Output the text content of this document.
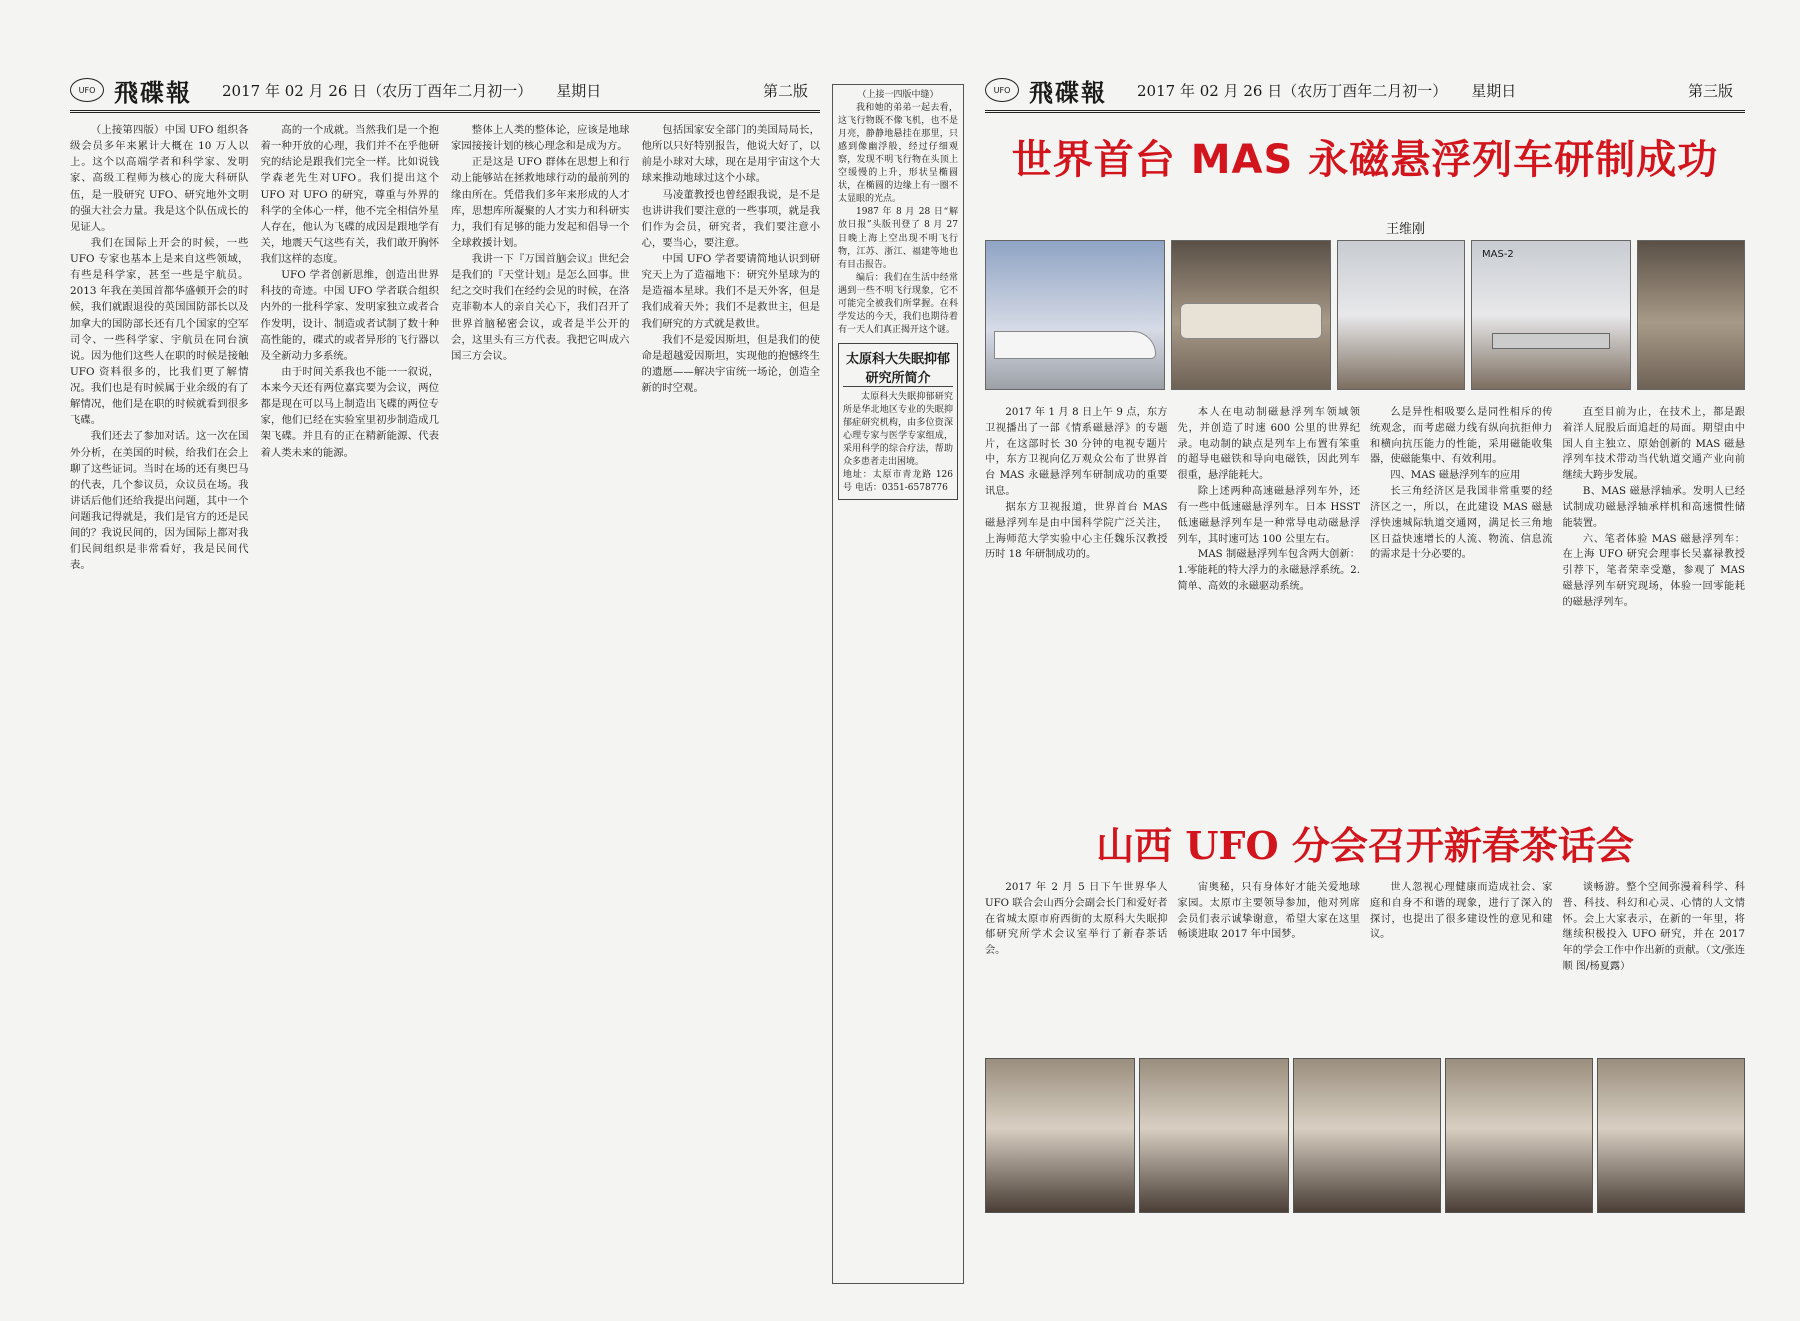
UFO 飛碟報 2017 年 02 月 26 日（农历丁酉年二月初一） 星期日	第二版

（上接第四版）中国 UFO 组织各级会员多年来累计大概在 10 万人以上。这个以高端学者和科学家、发明家、高级工程师为核心的庞大科研队伍，是一股研究 UFO、研究地外文明的强大社会力量。我是这个队伍成长的见证人。

我们在国际上开会的时候，一些 UFO 专家也基本上是来自这些领域，有些是科学家，甚至一些是宇航员。2013 年我在美国首都华盛顿开会的时候，我们就跟退役的英国国防部长以及加拿大的国防部长还有几个国家的空军司令、一些科学家、宇航员在同台演说。因为他们这些人在职的时候是接触 UFO 资料很多的，比我们更了解情况。我们也是有时候属于业余级的有了解情况，他们是在职的时候就看到很多飞碟。

我们还去了参加对话。这一次在国外分析，在美国的时候，给我们在会上聊了这些证词。当时在场的还有奥巴马的代表，几个参议员，众议员在场。我讲话后他们还给我提出问题，其中一个问题我记得就是，我们是官方的还是民间的？我说民间的，因为国际上都对我们民间组织是非常看好，我是民间代表。

高的一个成就。当然我们是一个抱着一种开放的心理，我们并不在乎他研究的结论是跟我们完全一样。比如说钱学森老先生对UFO。我们提出这个 UFO 对 UFO 的研究，尊重与外界的科学的全体心一样，他不完全相信外星人存在，他认为飞碟的成因是跟地学有关，地震天气这些有关，我们敢开胸怀我们这样的态度。

UFO 学者创新思维，创造出世界科技的奇迹。中国 UFO 学者联合组织内外的一批科学家、发明家独立或者合作发明，设计、制造或者试制了数十种高性能的，碟式的或者异形的飞行器以及全新动力多系统。

由于时间关系我也不能一一叙说，本来今天还有两位嘉宾要为会议，两位都是现在可以马上制造出飞碟的两位专家，他们已经在实验室里初步制造成几架飞碟。并且有的正在精新能源、代表着人类未来的能源。

整体上人类的整体论，应该是地球家园接接计划的核心理念和是成为方。

正是这是 UFO 群体在思想上和行动上能够站在拯救地球行动的最前列的缘由所在。凭借我们多年来形成的人才库，思想库所凝聚的人才实力和科研实力，我们有足够的能力发起和倡导一个全球救援计划。

我讲一下『万国首脑会议』世纪会是我们的『天堂计划』是怎么回事。世纪之交时我们在经约会见的时候，在洛克菲勒本人的亲自关心下，我们召开了世界首脑秘密会议，或者是半公开的会，这里头有三方代表。我把它叫成六国三方会议。

包括国家安全部门的美国局局长，他所以只好特别报告，他说大好了，以前是小球对大球，现在是用宇宙这个大球来推动地球过这个小球。

马凌董教授也曾经跟我说，是不是也讲讲我们要注意的一些事项，就是我们作为会员，研究者，我们要注意小心，要当心，要注意。

中国 UFO 学者要请简地认识到研究天上为了造福地下：研究外星球为的是造福本星球。我们不是天外客，但是我们成着天外；我们不是救世主，但是我们研究的方式就是救世。

我们不是爱因斯坦，但是我们的使命是超越爱因斯坦，实现他的抱憾终生的遗愿——解决宇宙统一场论，创造全新的时空观。

（上接一四版中缝）

我和她的弟弟一起去看，这飞行物既不像飞机，也不是月亮，静静地悬挂在那里，只感到像幽浮般，经过仔细观察，发现不明飞行物在头顶上空缓慢的上升，形状呈椭圆状，在椭圆的边缘上有一圈不太显眼的光点。

1987 年 8 月 28 日“解放日报”头版刊登了 8 月 27 日晚上海上空出现不明飞行物，江苏、浙江、福建等地也有目击报告。

编后：我们在生活中经常遇到一些不明飞行现象，它不可能完全被我们所掌握。在科学发达的今天，我们也期待着有一天人们真正揭开这个谜。

太原科大失眠抑郁研究所简介

太原科大失眠抑郁研究所是华北地区专业的失眠抑郁症研究机构，由多位资深心理专家与医学专家组成，采用科学的综合疗法，帮助众多患者走出困境。

地址：太原市青龙路 126 号 电话：0351-6578776

UFO 飛碟報 2017 年 02 月 26 日（农历丁酉年二月初一） 星期日	第三版
世界首台 MAS 永磁悬浮列车研制成功
王维刚
MAS-2

2017 年 1 月 8 日上午 9 点，东方卫视播出了一部《情系磁悬浮》的专题片，在这部时长 30 分钟的电视专题片中，东方卫视向亿万观众公布了世界首台 MAS 永磁悬浮列车研制成功的重要讯息。

据东方卫视报道，世界首台 MAS 磁悬浮列车是由中国科学院广泛关注，上海师范大学实验中心主任魏乐汉教授历时 18 年研制成功的。

本人在电动制磁悬浮列车领域领先，并创造了时速 600 公里的世界纪录。电动制的缺点是列车上布置有笨重的超导电磁铁和导向电磁铁，因此列车很重，悬浮能耗大。

除上述两种高速磁悬浮列车外，还有一些中低速磁悬浮列车。日本 HSST 低速磁悬浮列车是一种常导电动磁悬浮列车，其时速可达 100 公里左右。

MAS 制磁悬浮列车包含两大创新：1.零能耗的特大浮力的永磁悬浮系统。2.简单、高效的永磁驱动系统。

么是异性相吸要么是同性相斥的传统观念，而考虑磁力线有纵向抗拒伸力和横向抗压能力的性能，采用磁能收集器，使磁能集中、有效利用。

四、MAS 磁悬浮列车的应用

长三角经济区是我国非常重要的经济区之一，所以，在此建设 MAS 磁悬浮快速城际轨道交通网，满足长三角地区日益快速增长的人流、物流、信息流的需求是十分必要的。

直至目前为止，在技术上，都是跟着洋人屁股后面追赶的局面。期望由中国人自主独立、原始创新的 MAS 磁悬浮列车技术带动当代轨道交通产业向前继续大跨步发展。

B、MAS 磁悬浮轴承。发明人已经试制成功磁悬浮轴承样机和高速惯性储能装置。

六、笔者体验 MAS 磁悬浮列车：在上海 UFO 研究会理事长吴嘉禄教授引荐下，笔者荣幸受邀，参观了 MAS 磁悬浮列车研究现场，体验一回零能耗的磁悬浮列车。

山西 UFO 分会召开新春茶话会

2017 年 2 月 5 日下午世界华人 UFO 联合会山西分会副会长门和爱好者在省城太原市府西街的太原科大失眠抑郁研究所学术会议室举行了新春茶话会。

宙奥秘，只有身体好才能关爱地球家园。太原市主要领导参加，他对列席会员们表示诚挚谢意，希望大家在这里畅谈进取 2017 年中国梦。

世人忽视心理健康而造成社会、家庭和自身不和谐的现象，进行了深入的探讨，也提出了很多建设性的意见和建议。

谈畅游。整个空间弥漫着科学、科普、科技、科幻和心灵、心情的人文情怀。会上大家表示，在新的一年里，将继续积极投入 UFO 研究，并在 2017 年的学会工作中作出新的贡献。（文/张连顺 图/杨夏露）
